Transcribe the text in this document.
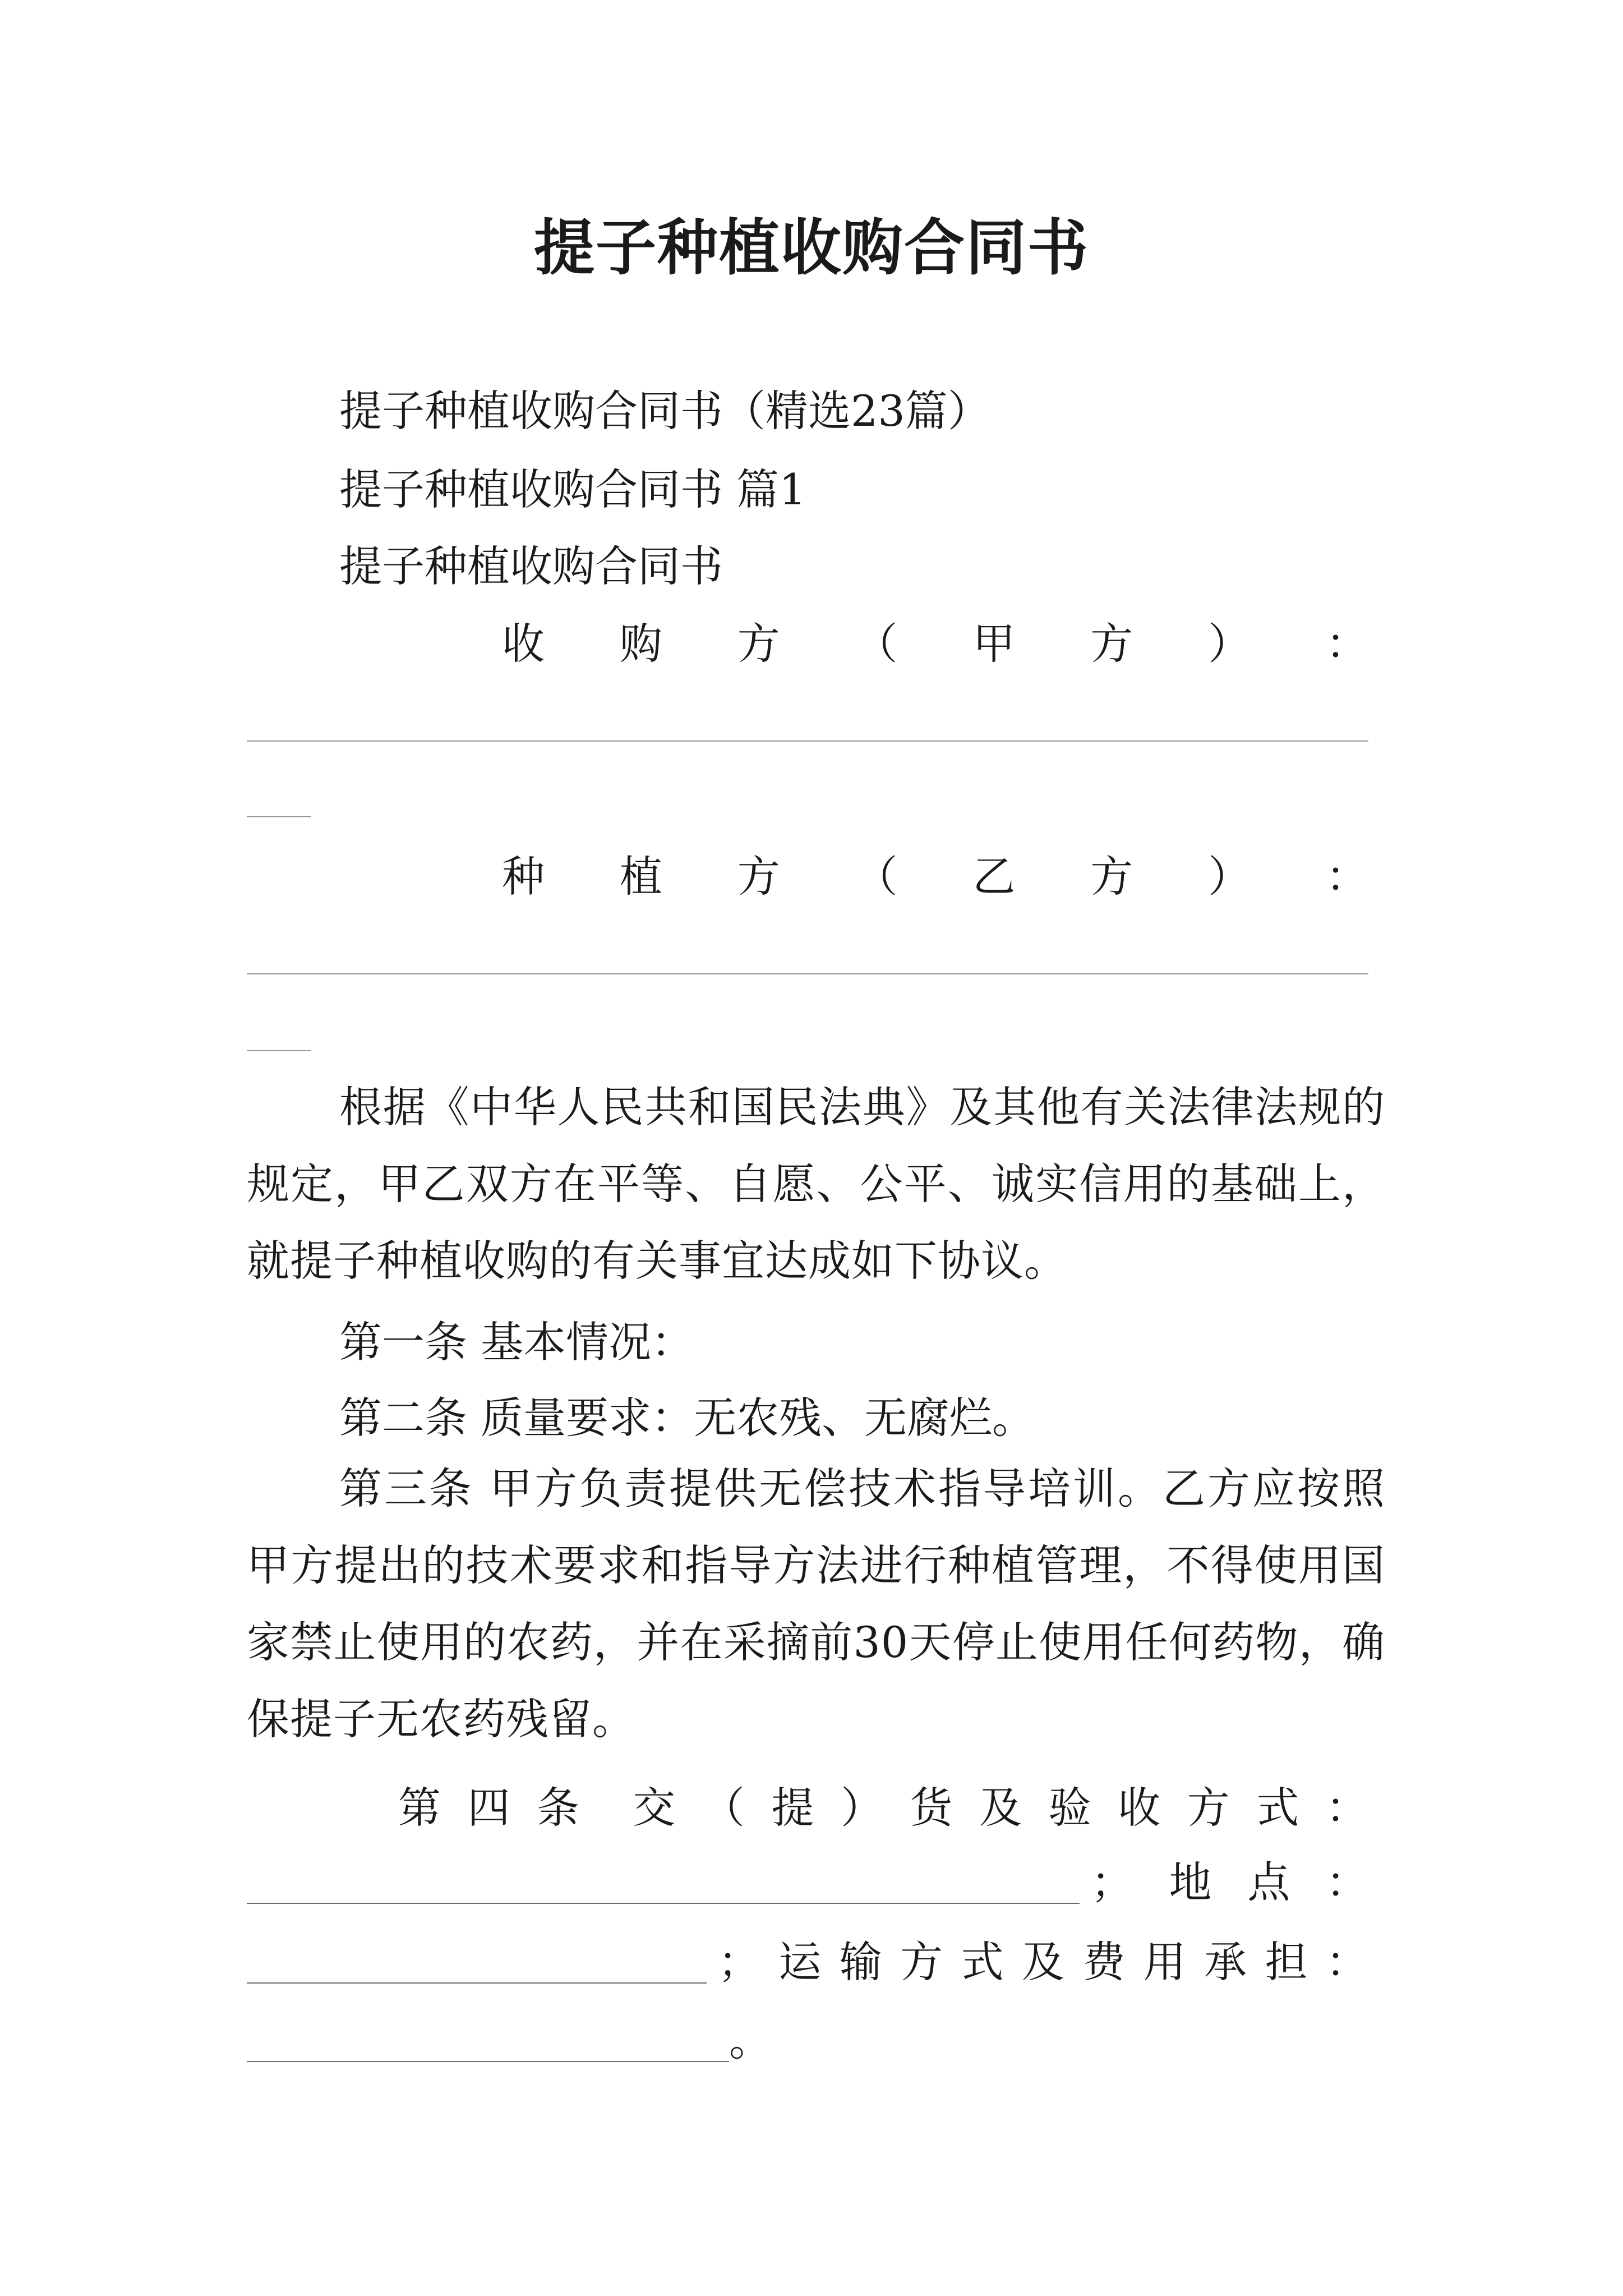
提子种植收购合同书
提子种植收购合同书（精选23篇）
提子种植收购合同书 篇1
提子种植收购合同书
收 购 方 （ 甲 方 ） ：
种 植 方 （ 乙 方 ） ：
根据《中华人民共和国民法典》及其他有关法律法规的规定，甲乙双方在平等、自愿、公平、诚实信用的基础上，就提子种植收购的有关事宜达成如下协议。
第一条 基本情况：
第二条 质量要求：无农残、无腐烂。
第三条 甲方负责提供无偿技术指导培训。乙方应按照甲方提出的技术要求和指导方法进行种植管理，不得使用国家禁止使用的农药，并在采摘前30天停止使用任何药物，确保提子无农药残留。
第 四 条 交 （ 提 ） 货 及 验 收 方 式 ：
； 地 点 ：
； 运 输 方 式 及 费 用 承 担 ：
。
